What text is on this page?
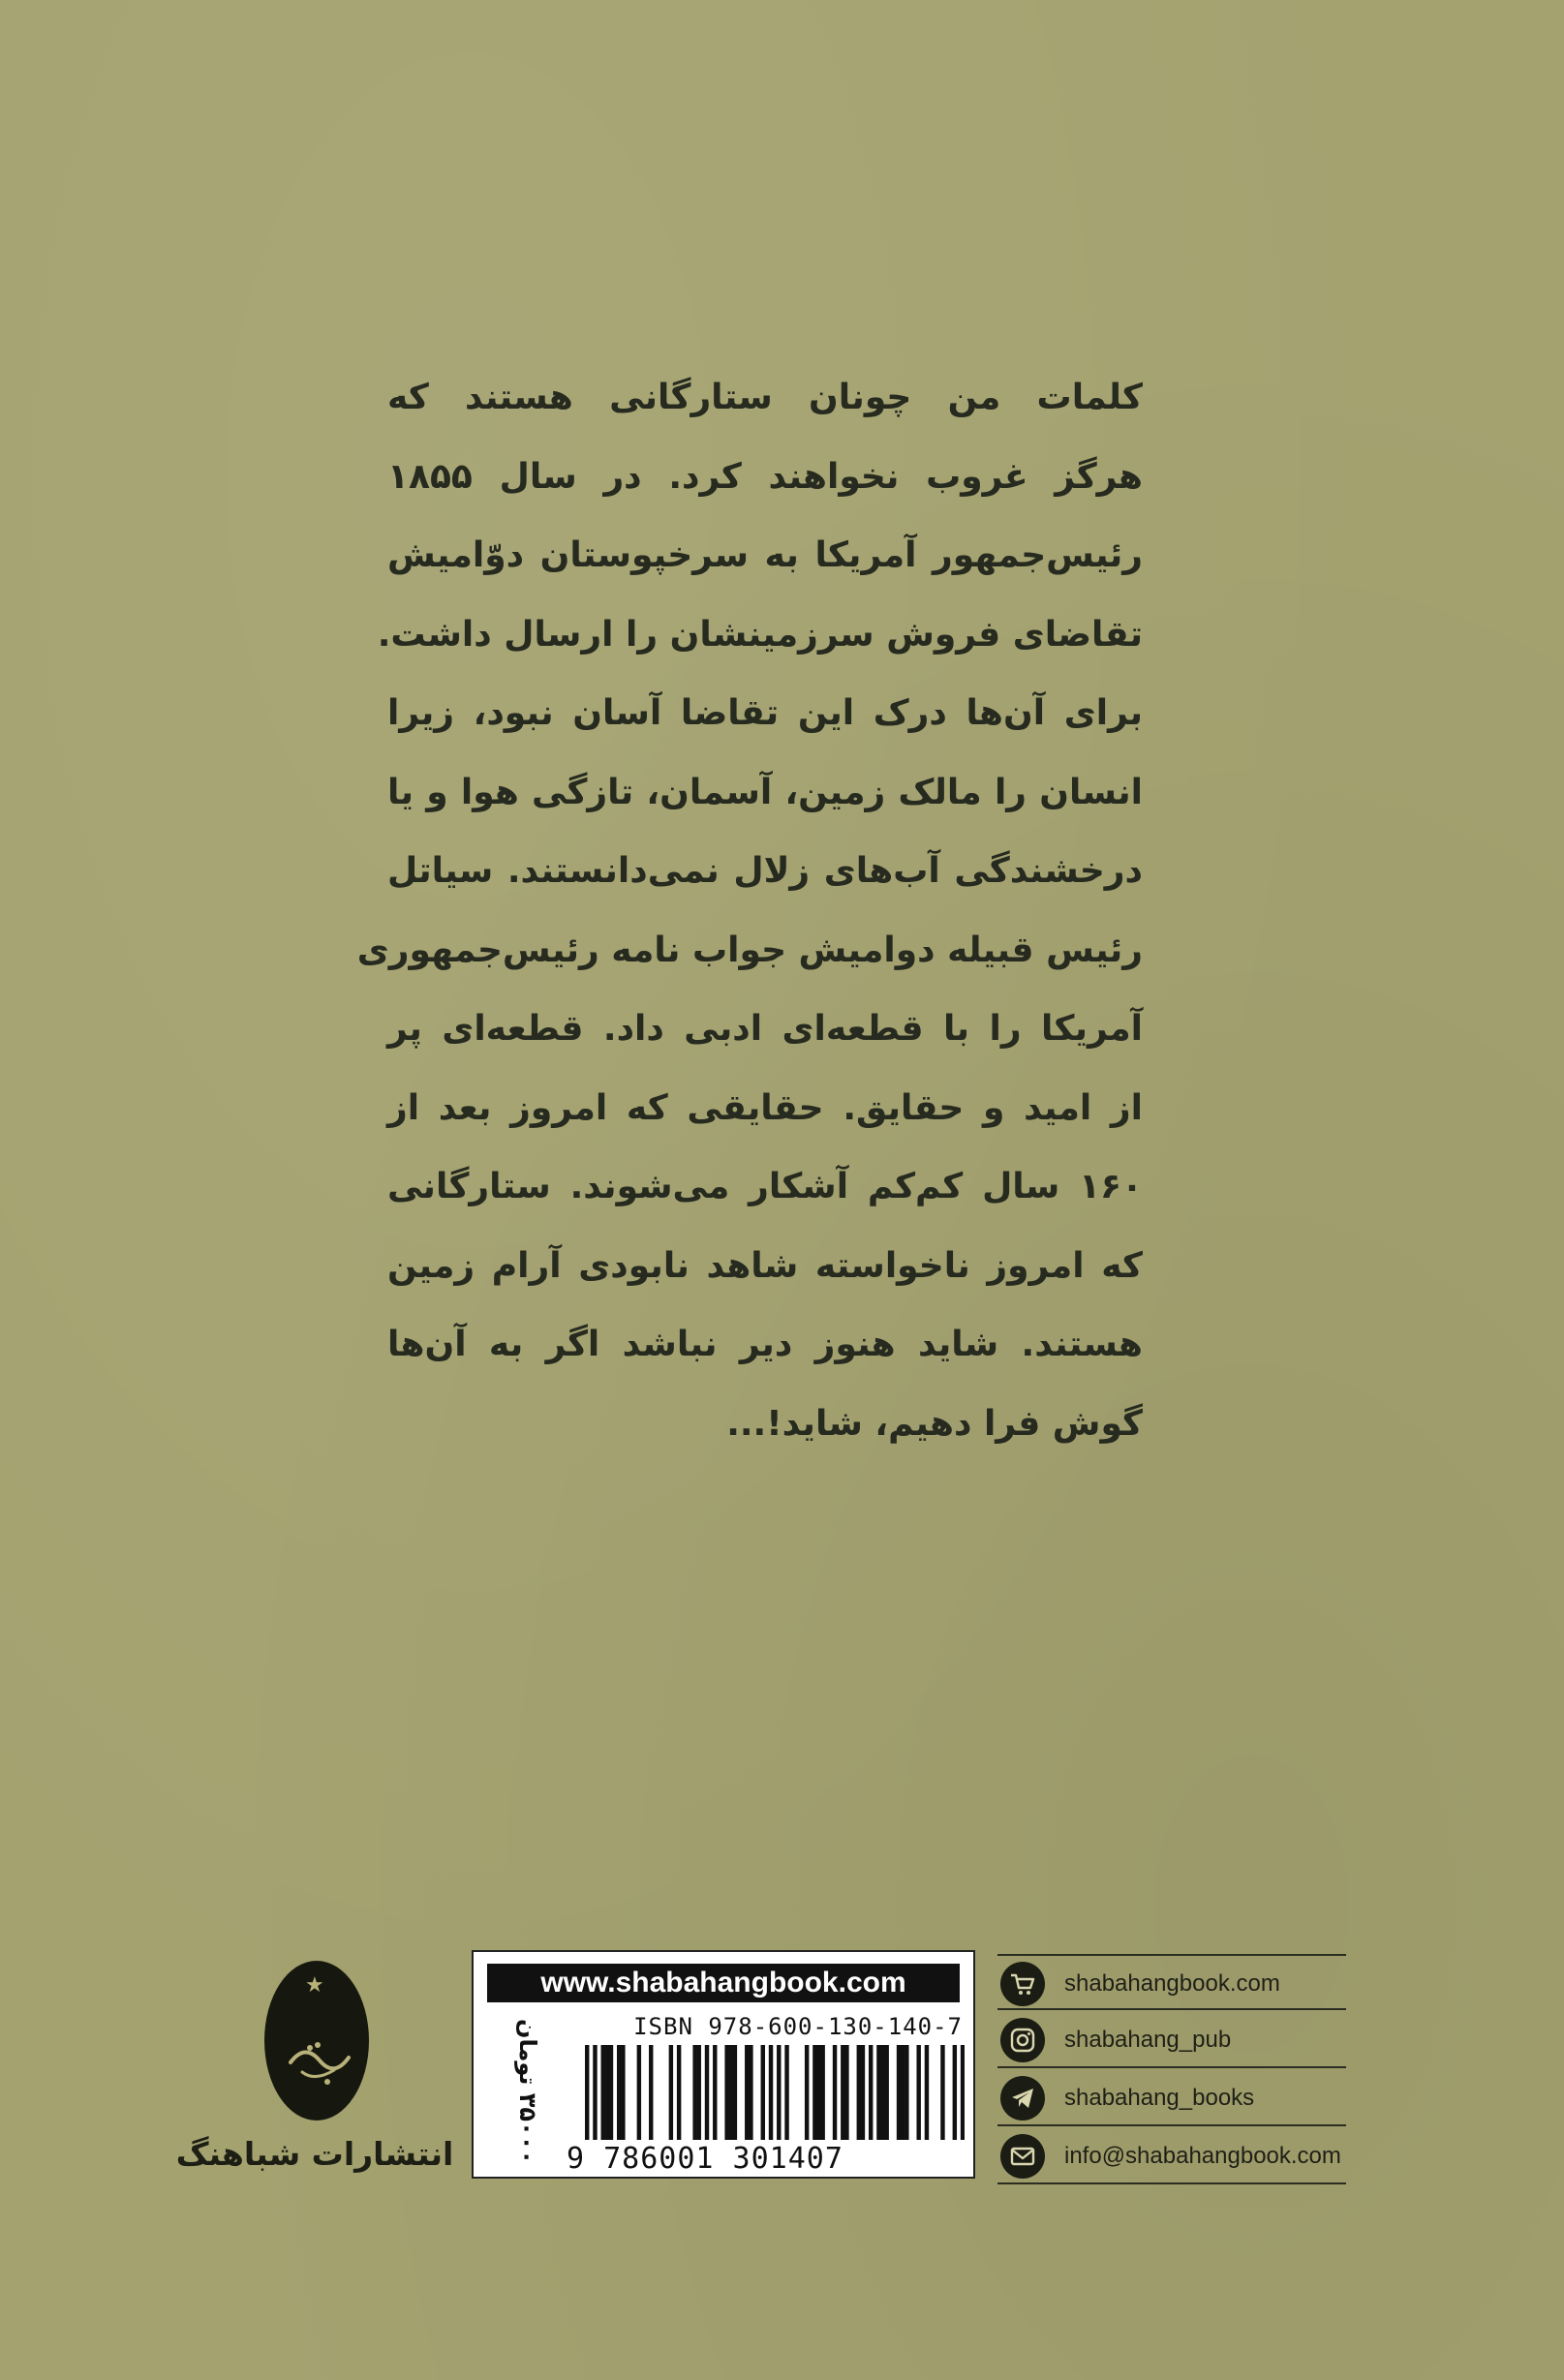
کلمات من چونان ستارگانی هستند که
هرگز غروب نخواهند کرد. در سال ۱۸۵۵
رئیس‌جمهور آمریکا به سرخپوستان دوّامیش
تقاضای فروش سرزمینشان را ارسال داشت.
برای آن‌ها درک این تقاضا آسان نبود، زیرا
انسان را مالک زمین، آسمان، تازگی هوا و یا
درخشندگی آب‌های زلال نمی‌دانستند. سیاتل
رئیس قبیله دوامیش جواب نامه رئیس‌جمهوری
آمریکا را با قطعه‌ای ادبی داد. قطعه‌ای پر
از امید و حقایق. حقایقی که امروز بعد از
۱۶۰ سال کم‌کم آشکار می‌شوند. ستارگانی
که امروز ناخواسته شاهد نابودی آرام زمین
هستند. شاید هنوز دیر نباشد اگر به آن‌ها
گوش فرا دهیم، شاید!...
★
انتشارات شباهنگ
www.shabahangbook.com
ISBN 978-600-130-140-7
۳۵۰۰۰ تومان 9 786001 301407
shabahangbook.com
shabahang_pub
shabahang_books
info@shabahangbook.com
